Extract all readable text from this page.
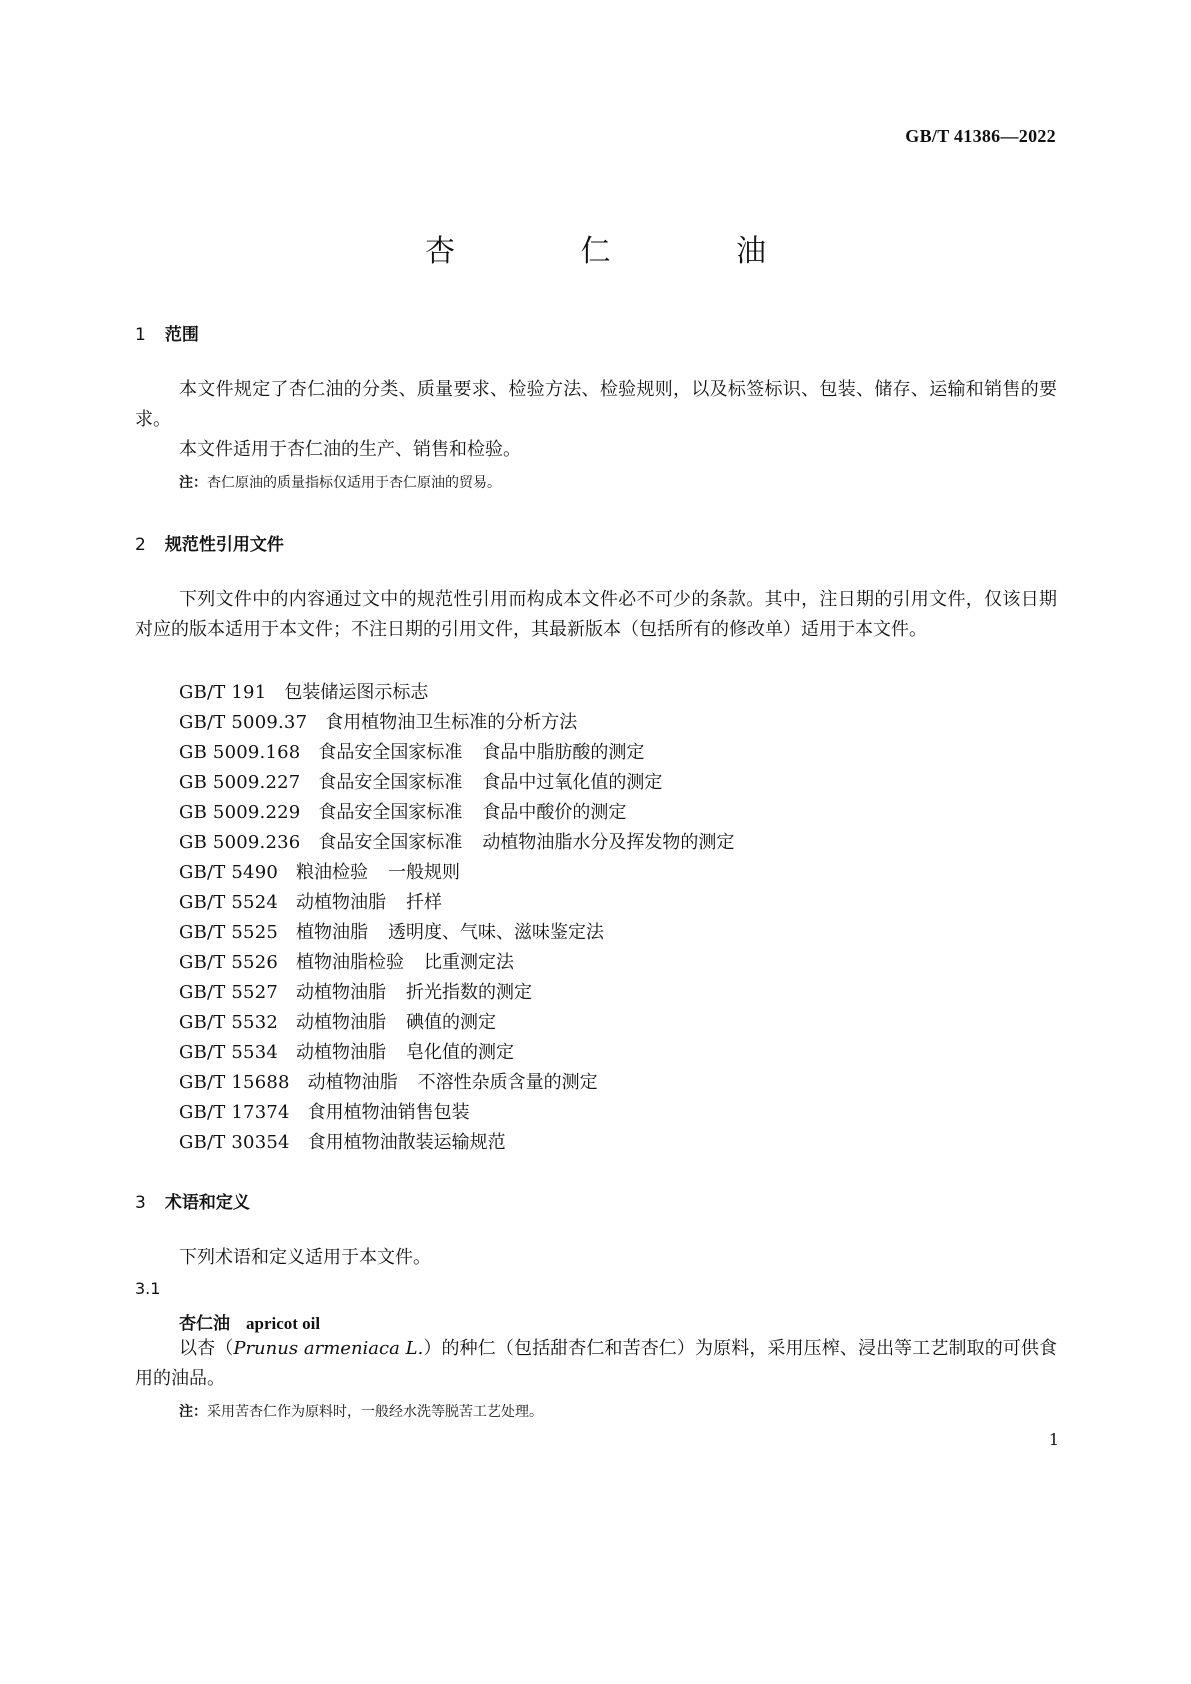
GB/T 41386—2022
杏 仁 油
1 范围

本文件规定了杏仁油的分类、质量要求、检验方法、检验规则，以及标签标识、包装、储存、运输和销售的要求。

本文件适用于杏仁油的生产、销售和检验。

注：杏仁原油的质量指标仅适用于杏仁原油的贸易。
2 规范性引用文件

下列文件中的内容通过文中的规范性引用而构成本文件必不可少的条款。其中，注日期的引用文件，仅该日期对应的版本适用于本文件；不注日期的引用文件，其最新版本（包括所有的修改单）适用于本文件。

GB/T 191 包装储运图示标志
GB/T 5009.37 食用植物油卫生标准的分析方法
GB 5009.168 食品安全国家标准 食品中脂肪酸的测定
GB 5009.227 食品安全国家标准 食品中过氧化值的测定
GB 5009.229 食品安全国家标准 食品中酸价的测定
GB 5009.236 食品安全国家标准 动植物油脂水分及挥发物的测定
GB/T 5490 粮油检验 一般规则
GB/T 5524 动植物油脂 扦样
GB/T 5525 植物油脂 透明度、气味、滋味鉴定法
GB/T 5526 植物油脂检验 比重测定法
GB/T 5527 动植物油脂 折光指数的测定
GB/T 5532 动植物油脂 碘值的测定
GB/T 5534 动植物油脂 皂化值的测定
GB/T 15688 动植物油脂 不溶性杂质含量的测定
GB/T 17374 食用植物油销售包装
GB/T 30354 食用植物油散装运输规范
3 术语和定义

下列术语和定义适用于本文件。

3.1
杏仁油 apricot oil

以杏（Prunus armeniaca L.）的种仁（包括甜杏仁和苦杏仁）为原料，采用压榨、浸出等工艺制取的可供食用的油品。

注：采用苦杏仁作为原料时，一般经水洗等脱苦工艺处理。
1
